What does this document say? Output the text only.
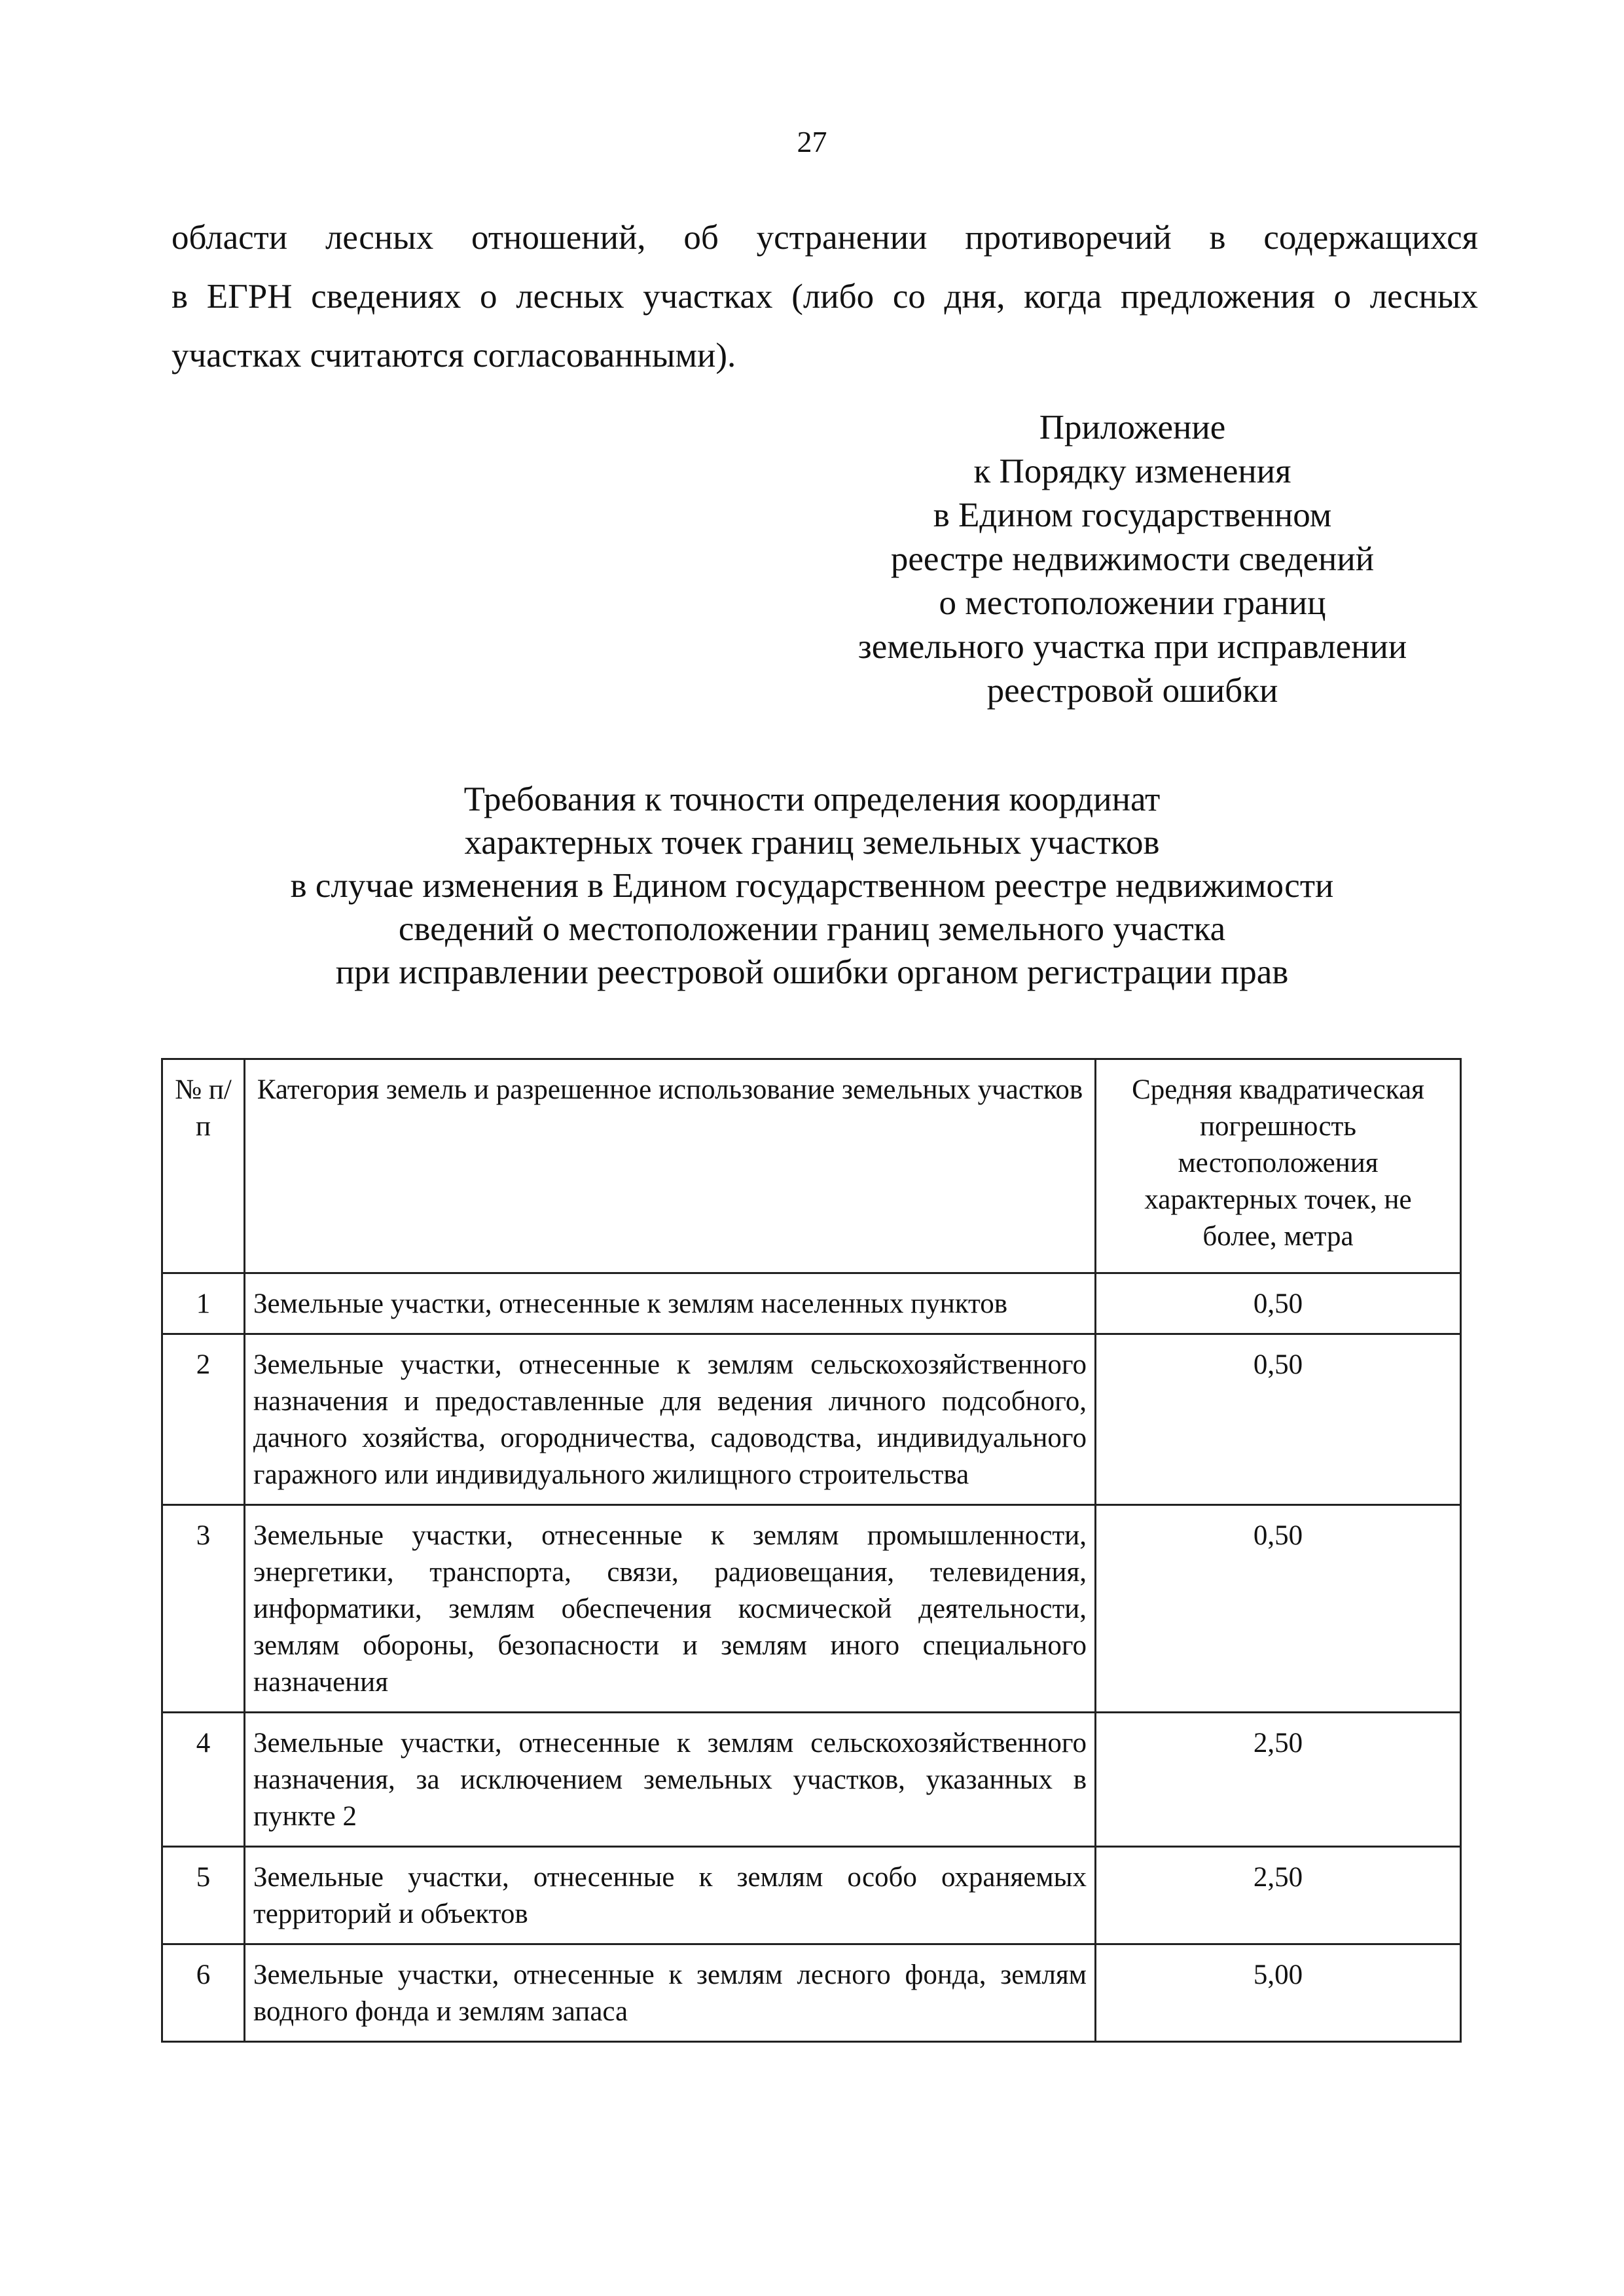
27
области лесных отношений, об устранении противоречий в содержащихся
в ЕГРН сведениях о лесных участках (либо со дня, когда предложения о лесных
участках считаются согласованными).
Приложение
к Порядку изменения
в Едином государственном
реестре недвижимости сведений
о местоположении границ
земельного участка при исправлении
реестровой ошибки
Требования к точности определения координат
характерных точек границ земельных участков
в случае изменения в Едином государственном реестре недвижимости
сведений о местоположении границ земельного участка
при исправлении реестровой ошибки органом регистрации прав
№ п/п	Категория земель и разрешенное использование земельных участков	Средняя квадратическая погрешность местоположения характерных точек, не более, метра
1	Земельные участки, отнесенные к землям населенных пунктов	0,50
2	Земельные участки, отнесенные к землям сельскохозяйственного назначения и предоставленные для ведения личного подсобного, дачного хозяйства, огородничества, садоводства, индивидуального гаражного или индивидуального жилищного строительства	0,50
3	Земельные участки, отнесенные к землям промышленности, энергетики, транспорта, связи, радиовещания, телевидения, информатики, землям обеспечения космической деятельности, землям обороны, безопасности и землям иного специального назначения	0,50
4	Земельные участки, отнесенные к землям сельскохозяйственного назначения, за исключением земельных участков, указанных в пункте 2	2,50
5	Земельные участки, отнесенные к землям особо охраняемых территорий и объектов	2,50
6	Земельные участки, отнесенные к землям лесного фонда, землям водного фонда и землям запаса	5,00
